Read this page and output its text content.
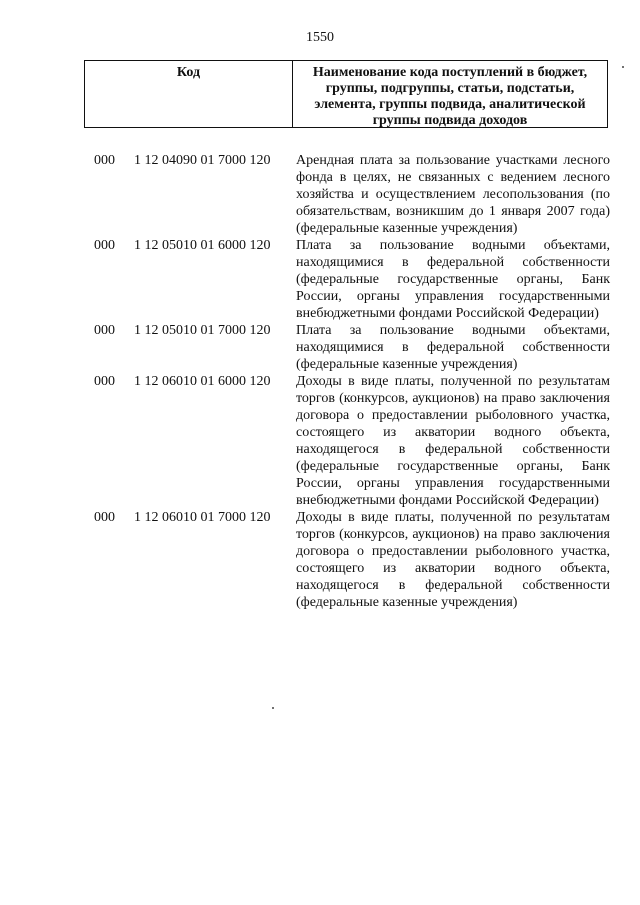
1550
Код	Наименование кода поступлений в бюджет, группы, подгруппы, статьи, подстатьи, элемента, группы подвида, аналитической группы подвида доходов
000	1 12 04090 01 7000 120	Арендная плата за пользование участками лесного фонда в целях, не связанных с ведением лесного хозяйства и осуществлением лесопользования (по обязательствам, возникшим до 1 января 2007 года) (федеральные казенные учреждения)
000	1 12 05010 01 6000 120	Плата за пользование водными объектами, находящимися в федеральной собственности (федеральные государственные органы, Банк России, органы управления государственными внебюджетными фондами Российской Федерации)
000	1 12 05010 01 7000 120	Плата за пользование водными объектами, находящимися в федеральной собственности (федеральные казенные учреждения)
000	1 12 06010 01 6000 120	Доходы в виде платы, полученной по результатам торгов (конкурсов, аукционов) на право заключения договора о предоставлении рыболовного участка, состоящего из акватории водного объекта, находящегося в федеральной собственности (федеральные государственные органы, Банк России, органы управления государственными внебюджетными фондами Российской Федерации)
000	1 12 06010 01 7000 120	Доходы в виде платы, полученной по результатам торгов (конкурсов, аукционов) на право заключения договора о предоставлении рыболовного участка, состоящего из акватории водного объекта, находящегося в федеральной собственности (федеральные казенные учреждения)
